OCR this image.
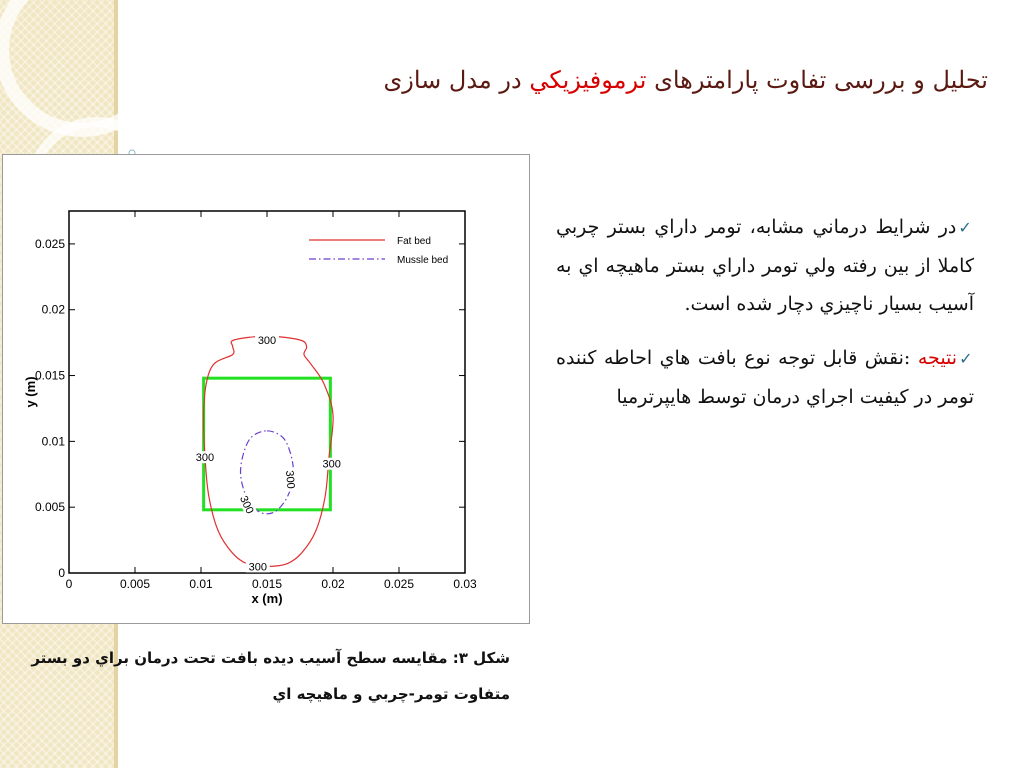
تحلیل و بررسی تفاوت پارامترهای ترموفیزیکي در مدل سازی
0	0.005	0.01	0.015	0.02	0.025	0.03
0
0.005
0.01
0.015
0.02
0.025
x (m)
y (m)
300
300
300
300
300
300
Fat bed
Mussle bed
✓در شرايط درماني مشابه، تومر داراي بستر چربي کاملا از بين رفته ولي تومر داراي بستر ماهيچه اي به آسيب بسيار ناچيزي دچار شده است.
✓نتيجه :نقش قابل توجه نوع بافت هاي احاطه کننده تومر در کيفيت اجراي درمان توسط هايپرترميا
شکل ۳: مقايسه سطح آسيب ديده بافت تحت درمان براي دو بستر متفاوت تومر-چربي و ماهيچه اي
